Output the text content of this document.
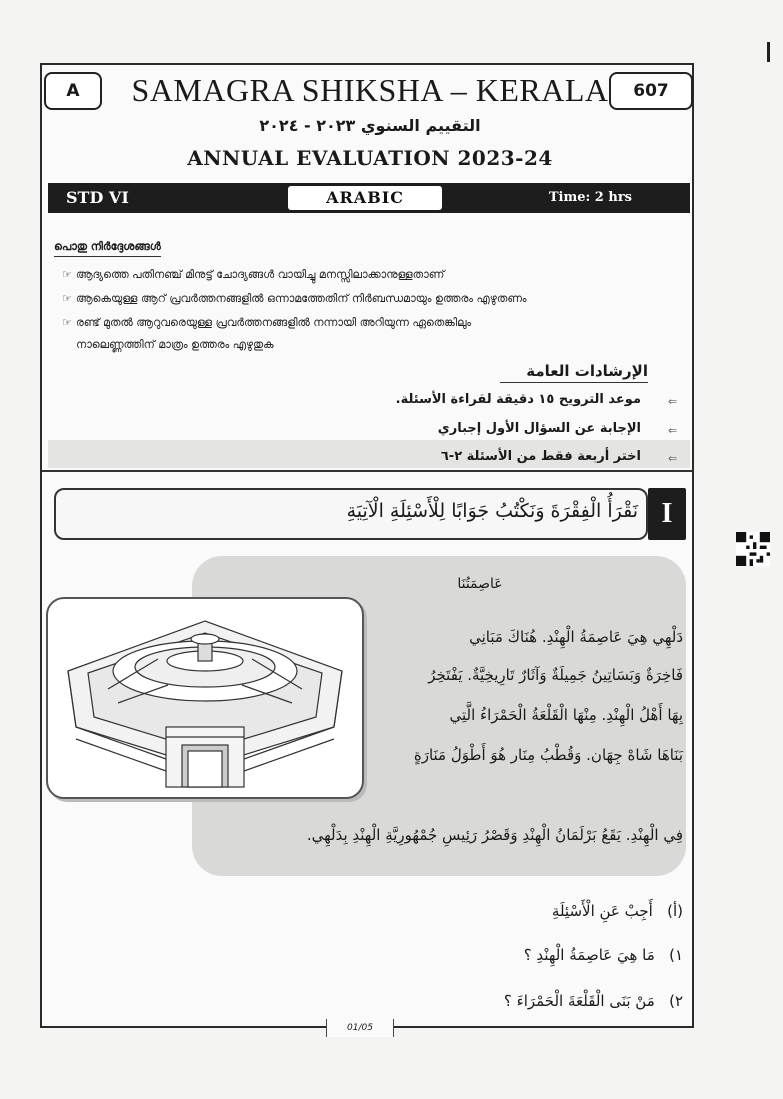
A SAMAGRA SHIKSHA – KERALA 607
التقييم السنوي ٢٠٢٣ - ٢٠٢٤
ANNUAL EVALUATION 2023-24
STD VI	ARABIC	Time: 2 hrs
പൊതു നിർദ്ദേശങ്ങൾ
☞ ആദ്യത്തെ പതിനഞ്ച് മിനുട്ട് ചോദ്യങ്ങൾ വായിച്ചു മനസ്സിലാക്കാനുള്ളതാണ്
☞ ആകെയുള്ള ആറ് പ്രവർത്തനങ്ങളിൽ ഒന്നാമത്തേതിന് നിർബന്ധമായും ഉത്തരം എഴുതണം
☞ രണ്ട് മുതൽ ആറുവരെയുള്ള പ്രവർത്തനങ്ങളിൽ നന്നായി അറിയുന്ന ഏതെങ്കിലും
നാലെണ്ണത്തിന് മാത്രം ഉത്തരം എഴുതുക
الإرشادات العامة
⇐
موعد الترويح ١٥ دقيقة لقراءة الأسئلة.
⇐
الإجابة عن السؤال الأول إجباري
⇐
اختر أربعة فقط من الأسئلة ٢-٦
نَقْرَأُ الْفِقْرَةَ وَنَكْتُبُ جَوَابًا لِلْأَسْئِلَةِ الْآتِيَةِ I
عَاصِمَتُنَا
دَلْهِي هِيَ عَاصِمَةُ الْهِنْدِ. هُنَاكَ مَبَانِي
فَاخِرَةٌ وَبَسَاتِينُ جَمِيلَةٌ وَآثَارٌ تَارِيخِيَّةٌ. يَفْتَخِرُ
بِهَا أَهْلُ الْهِنْدِ. مِنْهَا الْقَلْعَةُ الْحَمْرَاءُ الَّتِي
بَنَاهَا شَاهْ جِهَان. وَقُطْبُ مِنَار هُوَ أَطْوَلُ مَنَارَةٍ
فِي الْهِنْدِ. يَقَعُ بَرْلَمَانُ الْهِنْدِ وَقَصْرُ رَئِيسِ جُمْهُورِيَّةِ الْهِنْدِ بِدَلْهِي.
(أ)   أَجِبْ عَنِ الْأَسْئِلَةِ
١)   مَا هِيَ عَاصِمَةُ الْهِنْدِ ؟
٢)   مَنْ بَنَى الْقَلْعَةَ الْحَمْرَاءَ ؟
01/05
